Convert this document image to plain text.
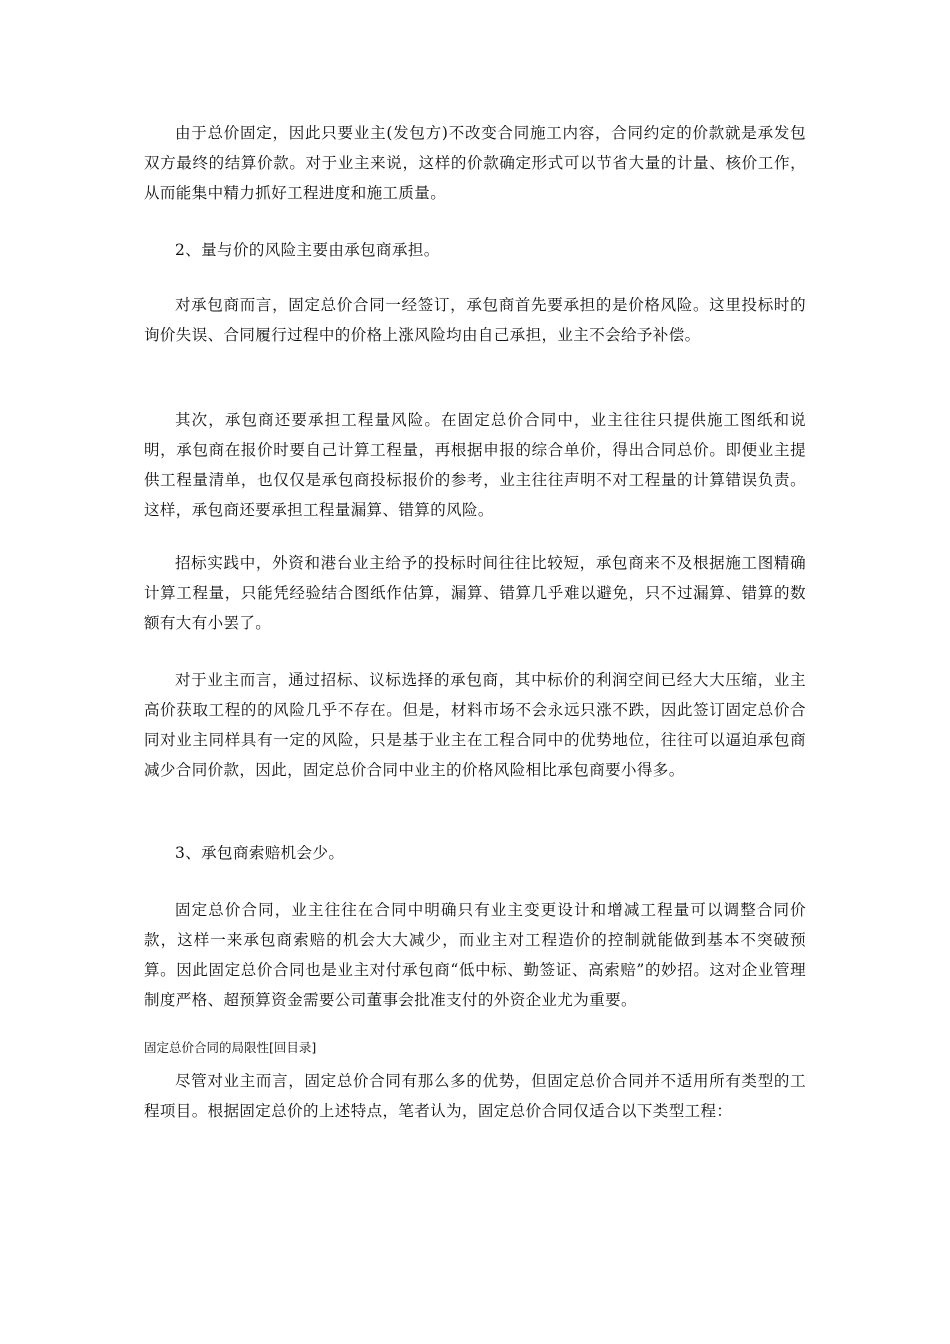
由于总价固定，因此只要业主(发包方)不改变合同施工内容，合同约定的价款就是承发包双方最终的结算价款。对于业主来说，这样的价款确定形式可以节省大量的计量、核价工作，从而能集中精力抓好工程进度和施工质量。

2、量与价的风险主要由承包商承担。

对承包商而言，固定总价合同一经签订，承包商首先要承担的是价格风险。这里投标时的询价失误、合同履行过程中的价格上涨风险均由自己承担，业主不会给予补偿。

其次，承包商还要承担工程量风险。在固定总价合同中，业主往往只提供施工图纸和说明，承包商在报价时要自己计算工程量，再根据申报的综合单价，得出合同总价。即便业主提供工程量清单，也仅仅是承包商投标报价的参考，业主往往声明不对工程量的计算错误负责。这样，承包商还要承担工程量漏算、错算的风险。

招标实践中，外资和港台业主给予的投标时间往往比较短，承包商来不及根据施工图精确计算工程量，只能凭经验结合图纸作估算，漏算、错算几乎难以避免，只不过漏算、错算的数额有大有小罢了。

对于业主而言，通过招标、议标选择的承包商，其中标价的利润空间已经大大压缩，业主高价获取工程的的风险几乎不存在。但是，材料市场不会永远只涨不跌，因此签订固定总价合同对业主同样具有一定的风险，只是基于业主在工程合同中的优势地位，往往可以逼迫承包商减少合同价款，因此，固定总价合同中业主的价格风险相比承包商要小得多。

3、承包商索赔机会少。

固定总价合同，业主往往在合同中明确只有业主变更设计和增减工程量可以调整合同价款，这样一来承包商索赔的机会大大减少，而业主对工程造价的控制就能做到基本不突破预算。因此固定总价合同也是业主对付承包商“低中标、勤签证、高索赔”的妙招。这对企业管理制度严格、超预算资金需要公司董事会批准支付的外资企业尤为重要。

固定总价合同的局限性[回目录]

尽管对业主而言，固定总价合同有那么多的优势，但固定总价合同并不适用所有类型的工程项目。根据固定总价的上述特点，笔者认为，固定总价合同仅适合以下类型工程：
